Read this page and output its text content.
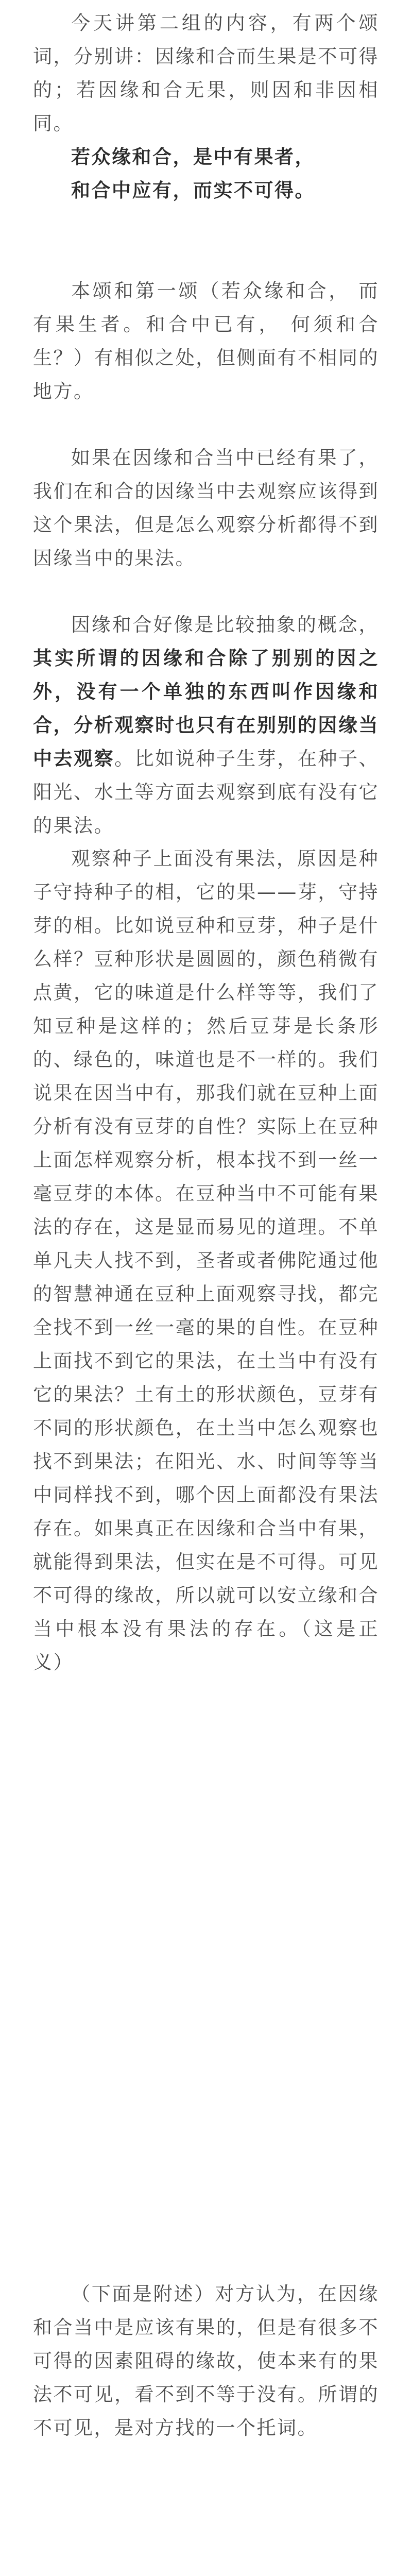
今天讲第二组的内容，有两个颂词，分别讲：因缘和合而生果是不可得的；若因缘和合无果，则因和非因相同。

若众缘和合，是中有果者，
和合中应有，而实不可得。

本颂和第一颂（若众缘和合， 而有果生者。和合中已有， 何须和合生？）有相似之处，但侧面有不相同的地方。

如果在因缘和合当中已经有果了，我们在和合的因缘当中去观察应该得到这个果法，但是怎么观察分析都得不到因缘当中的果法。

因缘和合好像是比较抽象的概念，其实所谓的因缘和合除了别别的因之外，没有一个单独的东西叫作因缘和合，分析观察时也只有在别别的因缘当中去观察。比如说种子生芽，在种子、阳光、水土等方面去观察到底有没有它的果法。

观察种子上面没有果法，原因是种子守持种子的相，它的果——芽，守持芽的相。比如说豆种和豆芽，种子是什么样？豆种形状是圆圆的，颜色稍微有点黄，它的味道是什么样等等，我们了知豆种是这样的；然后豆芽是长条形的、绿色的，味道也是不一样的。我们说果在因当中有，那我们就在豆种上面分析有没有豆芽的自性？实际上在豆种上面怎样观察分析，根本找不到一丝一毫豆芽的本体。在豆种当中不可能有果法的存在，这是显而易见的道理。不单单凡夫人找不到，圣者或者佛陀通过他的智慧神通在豆种上面观察寻找，都完全找不到一丝一毫的果的自性。在豆种上面找不到它的果法，在土当中有没有它的果法？土有土的形状颜色，豆芽有不同的形状颜色，在土当中怎么观察也找不到果法；在阳光、水、时间等等当中同样找不到，哪个因上面都没有果法存在。如果真正在因缘和合当中有果，就能得到果法，但实在是不可得。可见不可得的缘故，所以就可以安立缘和合当中根本没有果法的存在。（这是正义）

（下面是附述）对方认为，在因缘和合当中是应该有果的，但是有很多不可得的因素阻碍的缘故，使本来有的果法不可见，看不到不等于没有。所谓的不可见，是对方找的一个托词。
